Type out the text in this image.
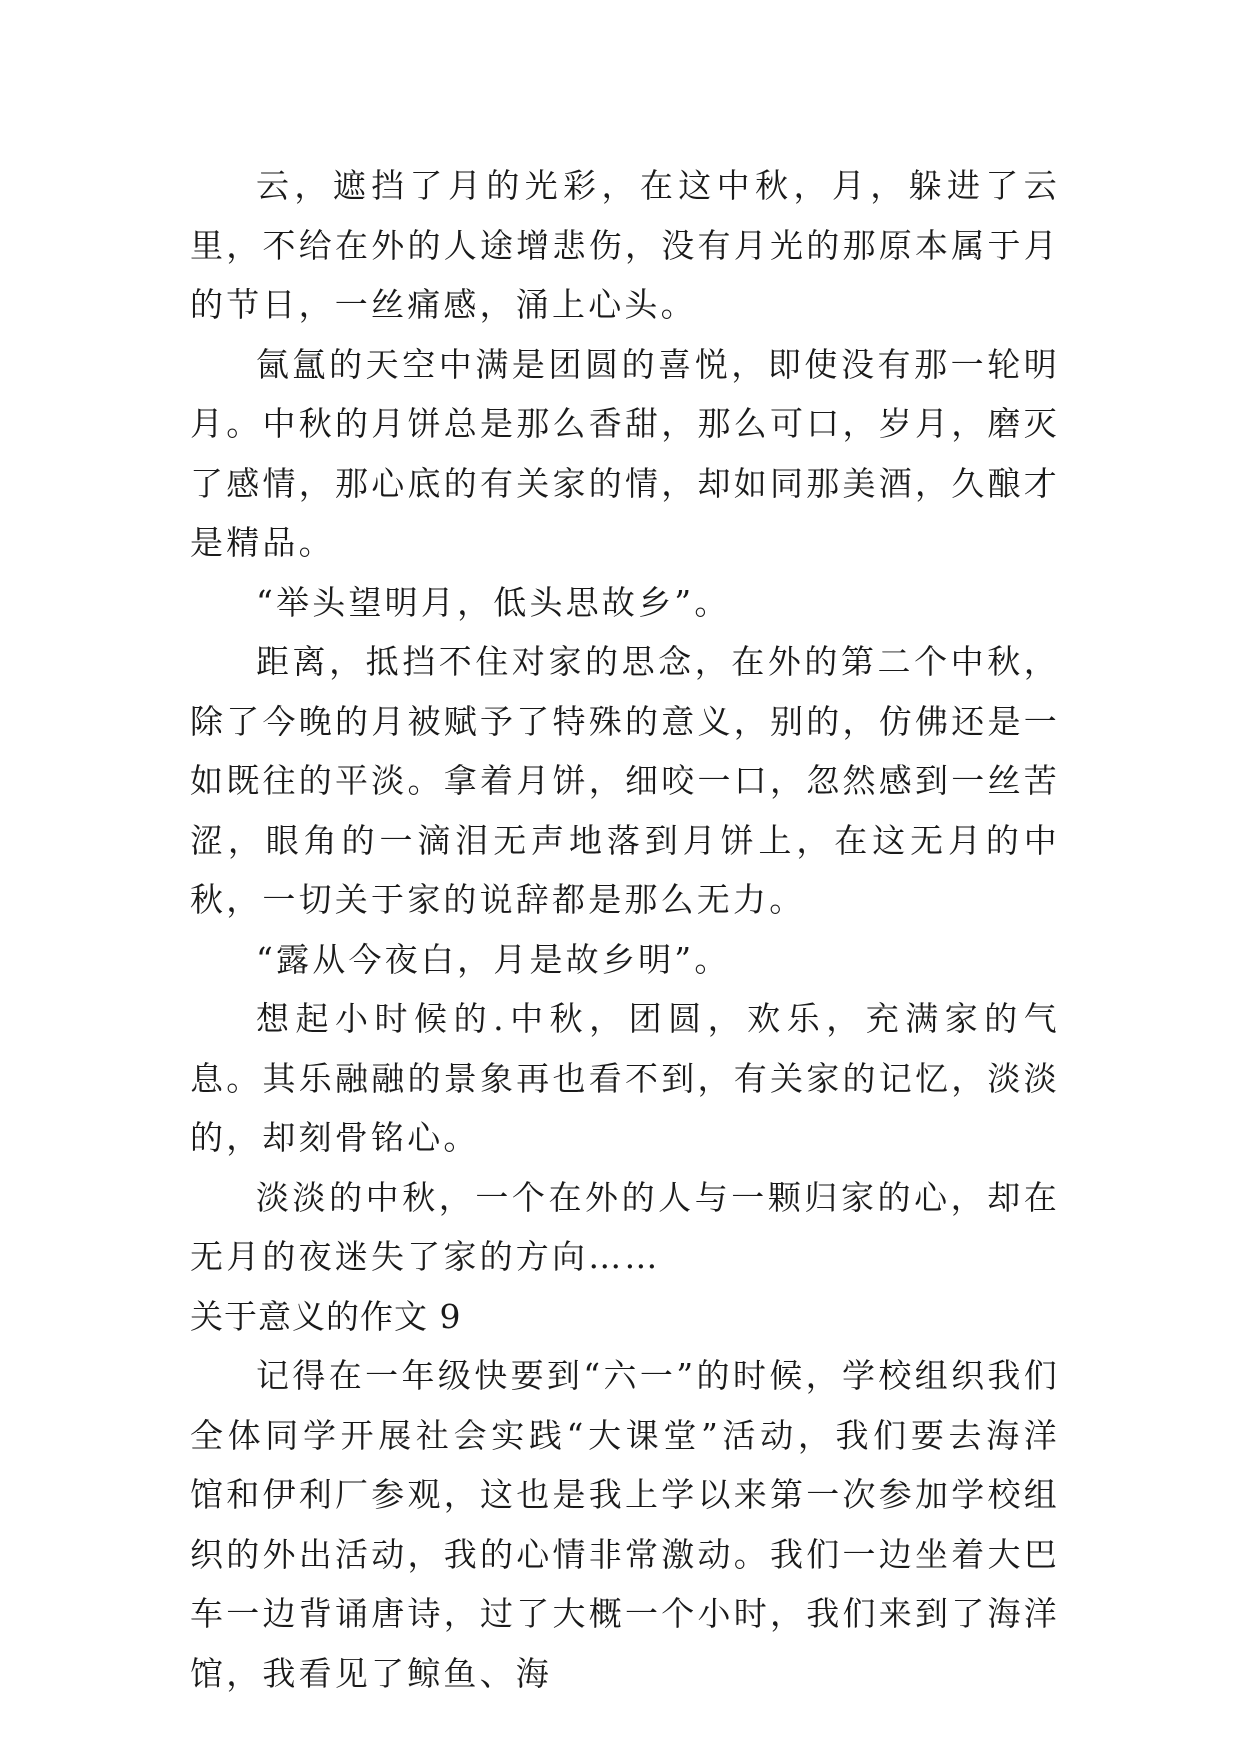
云，遮挡了月的光彩，在这中秋，月，躲进了云里，不给在外的人途增悲伤，没有月光的那原本属于月的节日，一丝痛感，涌上心头。

氤氲的天空中满是团圆的喜悦，即使没有那一轮明月。中秋的月饼总是那么香甜，那么可口，岁月，磨灭了感情，那心底的有关家的情，却如同那美酒，久酿才是精品。

“举头望明月，低头思故乡”。

距离，抵挡不住对家的思念，在外的第二个中秋，除了今晚的月被赋予了特殊的意义，别的，仿佛还是一如既往的平淡。拿着月饼，细咬一口，忽然感到一丝苦涩，眼角的一滴泪无声地落到月饼上，在这无月的中秋，一切关于家的说辞都是那么无力。

“露从今夜白，月是故乡明”。

想起小时候的.中秋，团圆，欢乐，充满家的气息。其乐融融的景象再也看不到，有关家的记忆，淡淡的，却刻骨铭心。

淡淡的中秋，一个在外的人与一颗归家的心，却在无月的夜迷失了家的方向……

关于意义的作文 9

记得在一年级快要到“六一”的时候，学校组织我们全体同学开展社会实践“大课堂”活动，我们要去海洋馆和伊利厂参观，这也是我上学以来第一次参加学校组织的外出活动，我的心情非常激动。我们一边坐着大巴车一边背诵唐诗，过了大概一个小时，我们来到了海洋馆，我看见了鲸鱼、海
